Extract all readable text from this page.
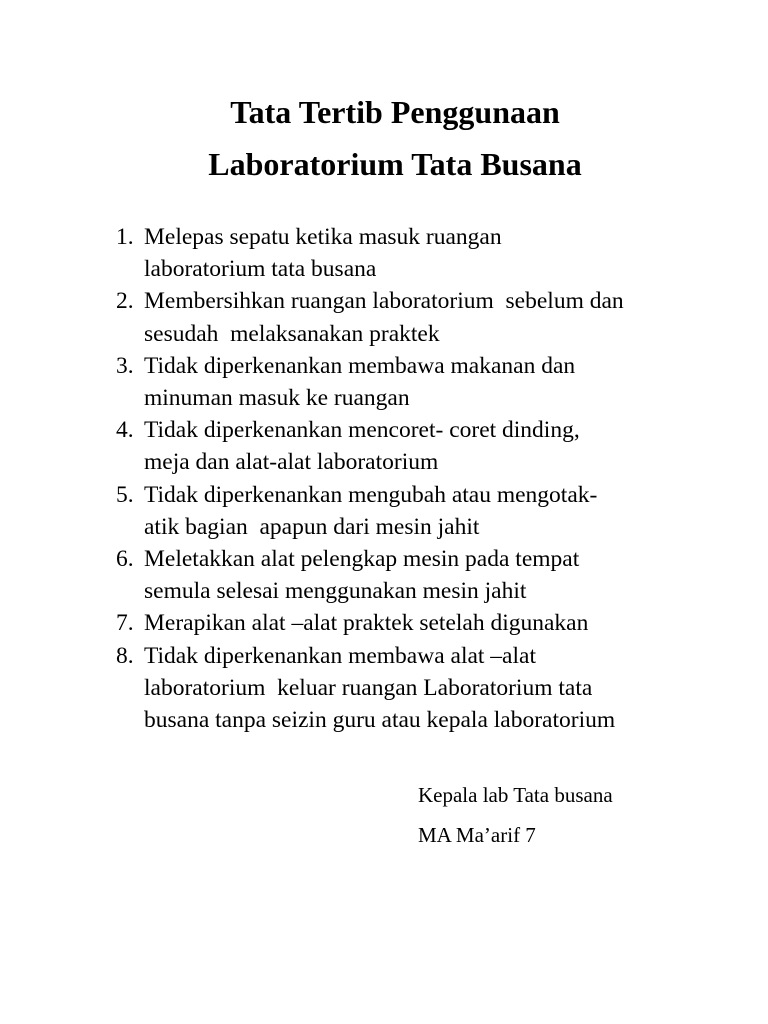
Tata Tertib Penggunaan
Laboratorium Tata Busana
1. Melepas sepatu ketika masuk ruangan
laboratorium tata busana
2. Membersihkan ruangan laboratorium  sebelum dan
sesudah  melaksanakan praktek
3. Tidak diperkenankan membawa makanan dan
minuman masuk ke ruangan
4. Tidak diperkenankan mencoret- coret dinding,
meja dan alat-alat laboratorium
5. Tidak diperkenankan mengubah atau mengotak-
atik bagian  apapun dari mesin jahit
6. Meletakkan alat pelengkap mesin pada tempat
semula selesai menggunakan mesin jahit
7. Merapikan alat –alat praktek setelah digunakan
8. Tidak diperkenankan membawa alat –alat
laboratorium  keluar ruangan Laboratorium tata
busana tanpa seizin guru atau kepala laboratorium
Kepala lab Tata busana
MA Ma’arif 7
